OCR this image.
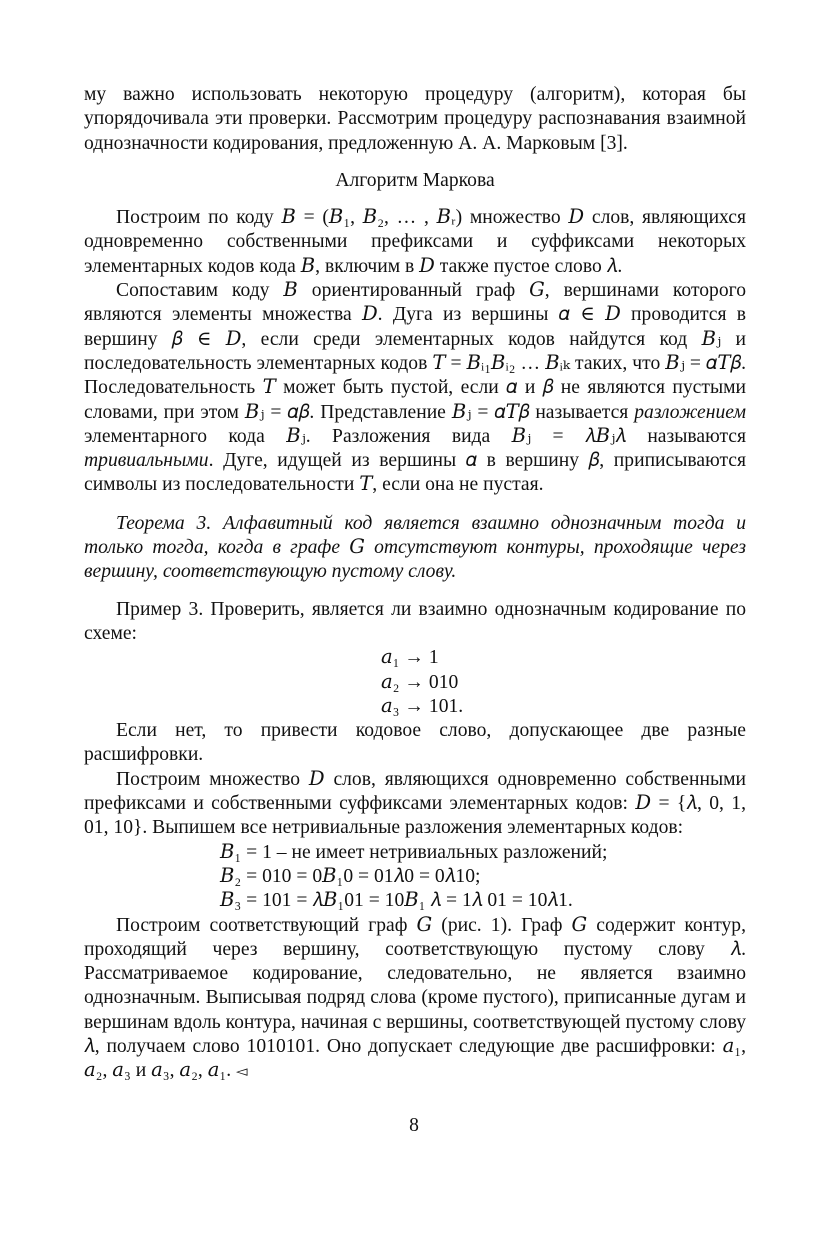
му важно использовать некоторую процедуру (алгоритм), которая бы упорядочивала эти проверки. Рассмотрим процедуру распознавания взаимной однозначности кодирования, предложенную А. А. Марковым [3].

Алгоритм Маркова

Построим по коду 𝐵 = (𝐵₁, 𝐵₂, … , 𝐵ᵣ) множество 𝐷 слов, являющихся одновременно собственными префиксами и суффиксами некоторых элементарных кодов кода 𝐵, включим в 𝐷 также пустое слово 𝜆.

Сопоставим коду 𝐵 ориентированный граф 𝐺, вершинами которого являются элементы множества 𝐷. Дуга из вершины 𝛼 ∈ 𝐷 проводится в вершину 𝛽 ∈ 𝐷, если среди элементарных кодов найдутся код 𝐵ⱼ и последовательность элементарных кодов 𝑇 = 𝐵ᵢ₁𝐵ᵢ₂ … 𝐵ᵢₖ таких, что 𝐵ⱼ = 𝛼𝑇𝛽. Последовательность 𝑇 может быть пустой, если 𝛼 и 𝛽 не являются пустыми словами, при этом 𝐵ⱼ = 𝛼𝛽. Представление 𝐵ⱼ = 𝛼𝑇𝛽 называется разложением элементарного кода 𝐵ⱼ. Разложения вида 𝐵ⱼ = 𝜆𝐵ⱼ𝜆 называются тривиальными. Дуге, идущей из вершины 𝛼 в вершину 𝛽, приписываются символы из последовательности 𝑇, если она не пустая.

Теорема 3. Алфавитный код является взаимно однозначным тогда и только тогда, когда в графе 𝐺 отсутствуют контуры, проходящие через вершину, соответствующую пустому слову.

Пример 3. Проверить, является ли взаимно однозначным кодирование по схеме:

𝑎₁ → 1
𝑎₂ → 010
𝑎₃ → 101.

Если нет, то привести кодовое слово, допускающее две разные расшифровки.

Построим множество 𝐷 слов, являющихся одновременно собственными префиксами и собственными суффиксами элементарных кодов: 𝐷 = {𝜆, 0, 1, 01, 10}. Выпишем все нетривиальные разложения элементарных кодов:

𝐵₁ = 1 – не имеет нетривиальных разложений;
𝐵₂ = 010 = 0𝐵₁0 = 01𝜆0 = 0𝜆10;
𝐵₃ = 101 = 𝜆𝐵₁01 = 10𝐵₁ 𝜆 = 1𝜆 01 = 10𝜆1.

Построим соответствующий граф 𝐺 (рис. 1). Граф 𝐺 содержит контур, проходящий через вершину, соответствующую пустому слову 𝜆. Рассматриваемое кодирование, следовательно, не является взаимно однозначным. Выписывая подряд слова (кроме пустого), приписанные дугам и вершинам вдоль контура, начиная с вершины, соответствующей пустому слову 𝜆, получаем слово 1010101. Оно допускает следующие две расшифровки: 𝑎₁, 𝑎₂, 𝑎₃ и 𝑎₃, 𝑎₂, 𝑎₁. ◅

8
